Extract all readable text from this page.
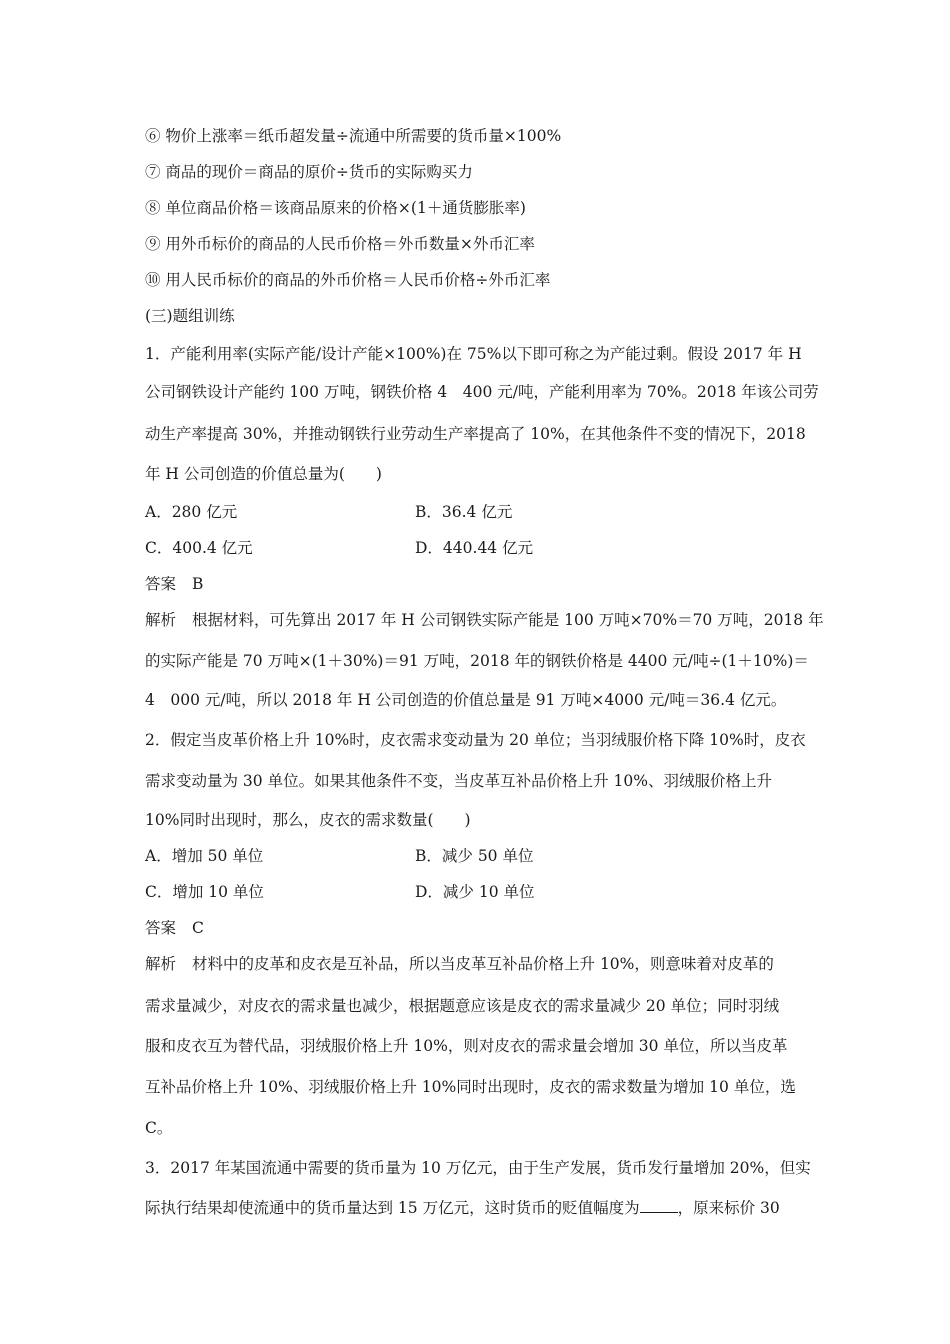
⑥ 物价上涨率＝纸币超发量÷流通中所需要的货币量×100%
⑦ 商品的现价＝商品的原价÷货币的实际购买力
⑧ 单位商品价格＝该商品原来的价格×(1＋通货膨胀率)
⑨ 用外币标价的商品的人民币价格＝外币数量×外币汇率
⑩ 用人民币标价的商品的外币价格＝人民币价格÷外币汇率
(三)题组训练
1．产能利用率(实际产能/设计产能×100%)在 75%以下即可称之为产能过剩。假设 2017 年 H
公司钢铁设计产能约 100 万吨，钢铁价格 4　400 元/吨，产能利用率为 70%。2018 年该公司劳
动生产率提高 30%，并推动钢铁行业劳动生产率提高了 10%，在其他条件不变的情况下，2018
年 H 公司创造的价值总量为(　　)
A．280 亿元	B．36.4 亿元
C．400.4 亿元	D．440.44 亿元
答案 B
解析 根据材料，可先算出 2017 年 H 公司钢铁实际产能是 100 万吨×70%＝70 万吨，2018 年
的实际产能是 70 万吨×(1＋30%)＝91 万吨，2018 年的钢铁价格是 4400 元/吨÷(1＋10%)＝
4　000 元/吨，所以 2018 年 H 公司创造的价值总量是 91 万吨×4000 元/吨＝36.4 亿元。
2．假定当皮革价格上升 10%时，皮衣需求变动量为 20 单位；当羽绒服价格下降 10%时，皮衣
需求变动量为 30 单位。如果其他条件不变，当皮革互补品价格上升 10%、羽绒服价格上升
10%同时出现时，那么，皮衣的需求数量(　　)
A．增加 50 单位	B．减少 50 单位
C．增加 10 单位	D．减少 10 单位
答案 C
解析 材料中的皮革和皮衣是互补品，所以当皮革互补品价格上升 10%，则意味着对皮革的
需求量减少，对皮衣的需求量也减少，根据题意应该是皮衣的需求量减少 20 单位；同时羽绒
服和皮衣互为替代品，羽绒服价格上升 10%，则对皮衣的需求量会增加 30 单位，所以当皮革
互补品价格上升 10%、羽绒服价格上升 10%同时出现时，皮衣的需求数量为增加 10 单位，选
C。
3．2017 年某国流通中需要的货币量为 10 万亿元，由于生产发展，货币发行量增加 20%，但实
际执行结果却使流通中的货币量达到 15 万亿元，这时货币的贬值幅度为 ，原来标价 30
